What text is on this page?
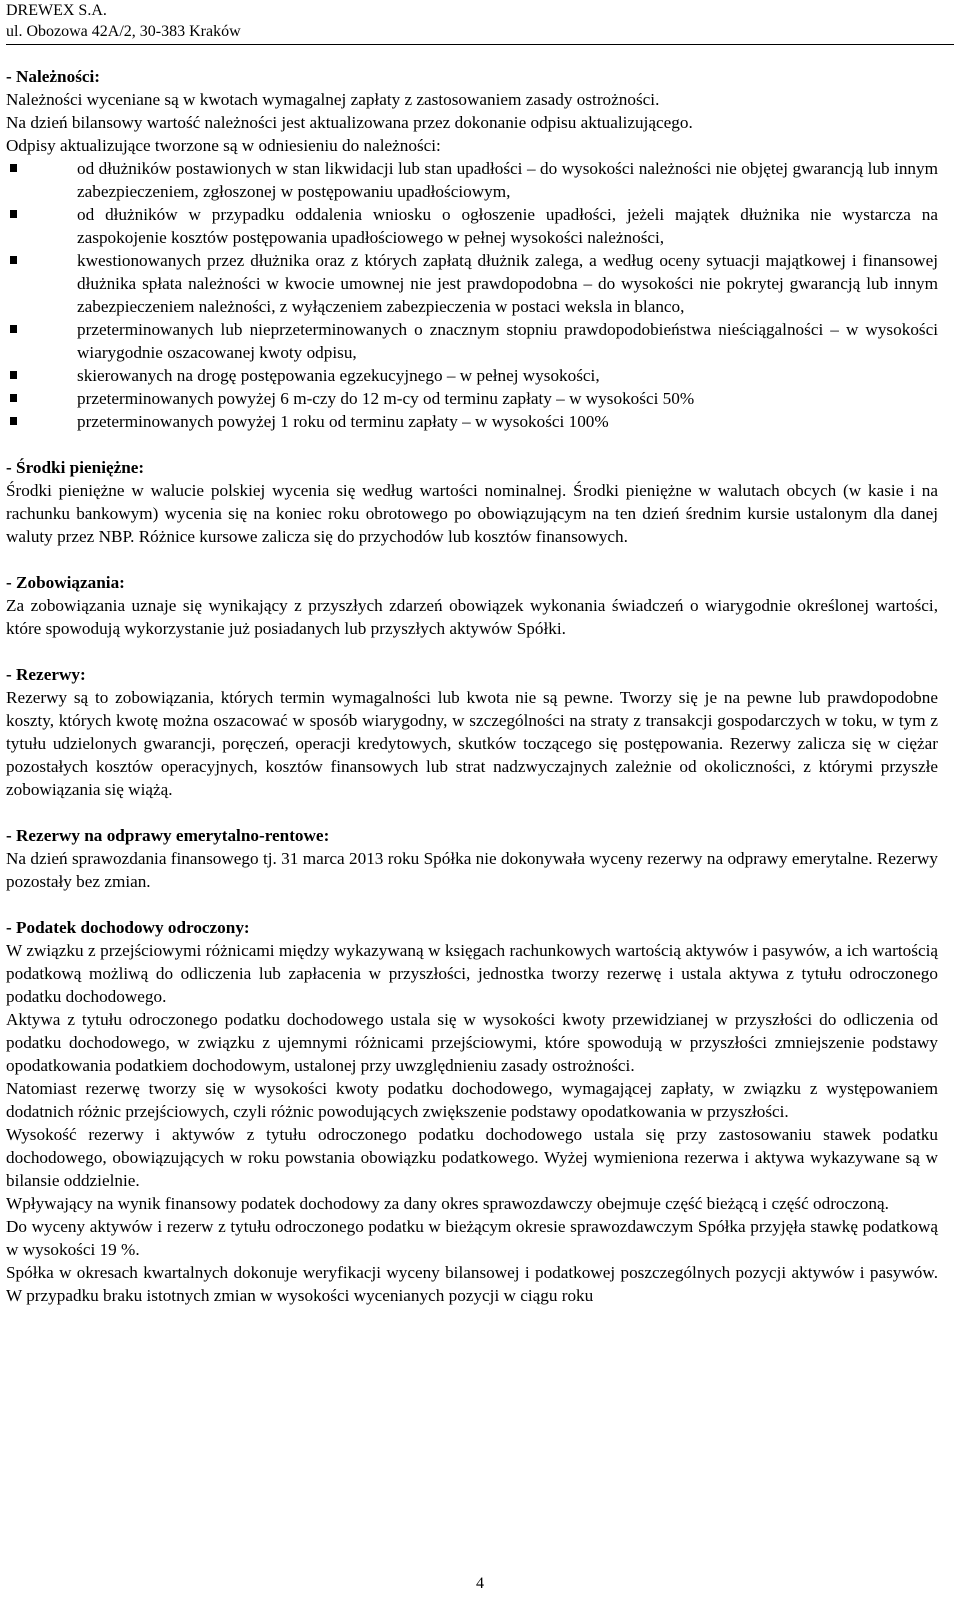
DREWEX S.A.
ul. Obozowa 42A/2, 30-383 Kraków
- Należności:

Należności wyceniane są w kwotach wymagalnej zapłaty z zastosowaniem zasady ostrożności.

Na dzień bilansowy wartość należności jest aktualizowana przez dokonanie odpisu aktualizującego.

Odpisy aktualizujące tworzone są w odniesieniu do należności:

od dłużników postawionych w stan likwidacji lub stan upadłości – do wysokości należności nie objętej gwarancją lub innym zabezpieczeniem, zgłoszonej w postępowaniu upadłościowym,
od dłużników w przypadku oddalenia wniosku o ogłoszenie upadłości, jeżeli majątek dłużnika nie wystarcza na zaspokojenie kosztów postępowania upadłościowego w pełnej wysokości należności,
kwestionowanych przez dłużnika oraz z których zapłatą dłużnik zalega, a według oceny sytuacji majątkowej i finansowej dłużnika spłata należności w kwocie umownej nie jest prawdopodobna – do wysokości nie pokrytej gwarancją lub innym zabezpieczeniem należności, z wyłączeniem zabezpieczenia w postaci weksla in blanco,
przeterminowanych lub nieprzeterminowanych o znacznym stopniu prawdopodobieństwa nieściągalności – w wysokości wiarygodnie oszacowanej kwoty odpisu,
skierowanych na drogę postępowania egzekucyjnego – w pełnej wysokości,
przeterminowanych powyżej 6 m-czy do 12 m-cy od terminu zapłaty – w wysokości 50%
przeterminowanych powyżej 1 roku od terminu zapłaty – w wysokości 100%
- Środki pieniężne:

Środki pieniężne w walucie polskiej wycenia się według wartości nominalnej. Środki pieniężne w walutach obcych (w kasie i na rachunku bankowym) wycenia się na koniec roku obrotowego po obowiązującym na ten dzień średnim kursie ustalonym dla danej waluty przez NBP. Różnice kursowe zalicza się do przychodów lub kosztów finansowych.

- Zobowiązania:

Za zobowiązania uznaje się wynikający z przyszłych zdarzeń obowiązek wykonania świadczeń o wiarygodnie określonej wartości, które spowodują wykorzystanie już posiadanych lub przyszłych aktywów Spółki.

- Rezerwy:

Rezerwy są to zobowiązania, których termin wymagalności lub kwota nie są pewne. Tworzy się je na pewne lub prawdopodobne koszty, których kwotę można oszacować w sposób wiarygodny, w szczególności na straty z transakcji gospodarczych w toku, w tym z tytułu udzielonych gwarancji, poręczeń, operacji kredytowych, skutków toczącego się postępowania. Rezerwy zalicza się w ciężar pozostałych kosztów operacyjnych, kosztów finansowych lub strat nadzwyczajnych zależnie od okoliczności, z którymi przyszłe zobowiązania się wiążą.

- Rezerwy na odprawy emerytalno-rentowe:

Na dzień sprawozdania finansowego tj. 31 marca 2013 roku Spółka nie dokonywała wyceny rezerwy na odprawy emerytalne. Rezerwy pozostały bez zmian.

- Podatek dochodowy odroczony:

W związku z przejściowymi różnicami między wykazywaną w księgach rachunkowych wartością aktywów i pasywów, a ich wartością podatkową możliwą do odliczenia lub zapłacenia w przyszłości, jednostka tworzy rezerwę i ustala aktywa z tytułu odroczonego podatku dochodowego.

Aktywa z tytułu odroczonego podatku dochodowego ustala się w wysokości kwoty przewidzianej w przyszłości do odliczenia od podatku dochodowego, w związku z ujemnymi różnicami przejściowymi, które spowodują w przyszłości zmniejszenie podstawy opodatkowania podatkiem dochodowym, ustalonej przy uwzględnieniu zasady ostrożności.

Natomiast rezerwę tworzy się w wysokości kwoty podatku dochodowego, wymagającej zapłaty, w związku z występowaniem dodatnich różnic przejściowych, czyli różnic powodujących zwiększenie podstawy opodatkowania w przyszłości.

Wysokość rezerwy i aktywów z tytułu odroczonego podatku dochodowego ustala się przy zastosowaniu stawek podatku dochodowego, obowiązujących w roku powstania obowiązku podatkowego. Wyżej wymieniona rezerwa i aktywa wykazywane są w bilansie oddzielnie.

Wpływający na wynik finansowy podatek dochodowy za dany okres sprawozdawczy obejmuje część bieżącą i część odroczoną.

Do wyceny aktywów i rezerw z tytułu odroczonego podatku w bieżącym okresie sprawozdawczym Spółka przyjęła stawkę podatkową w wysokości 19 %.

Spółka w okresach kwartalnych dokonuje weryfikacji wyceny bilansowej i podatkowej poszczególnych pozycji aktywów i pasywów. W przypadku braku istotnych zmian w wysokości wycenianych pozycji w ciągu roku

4
